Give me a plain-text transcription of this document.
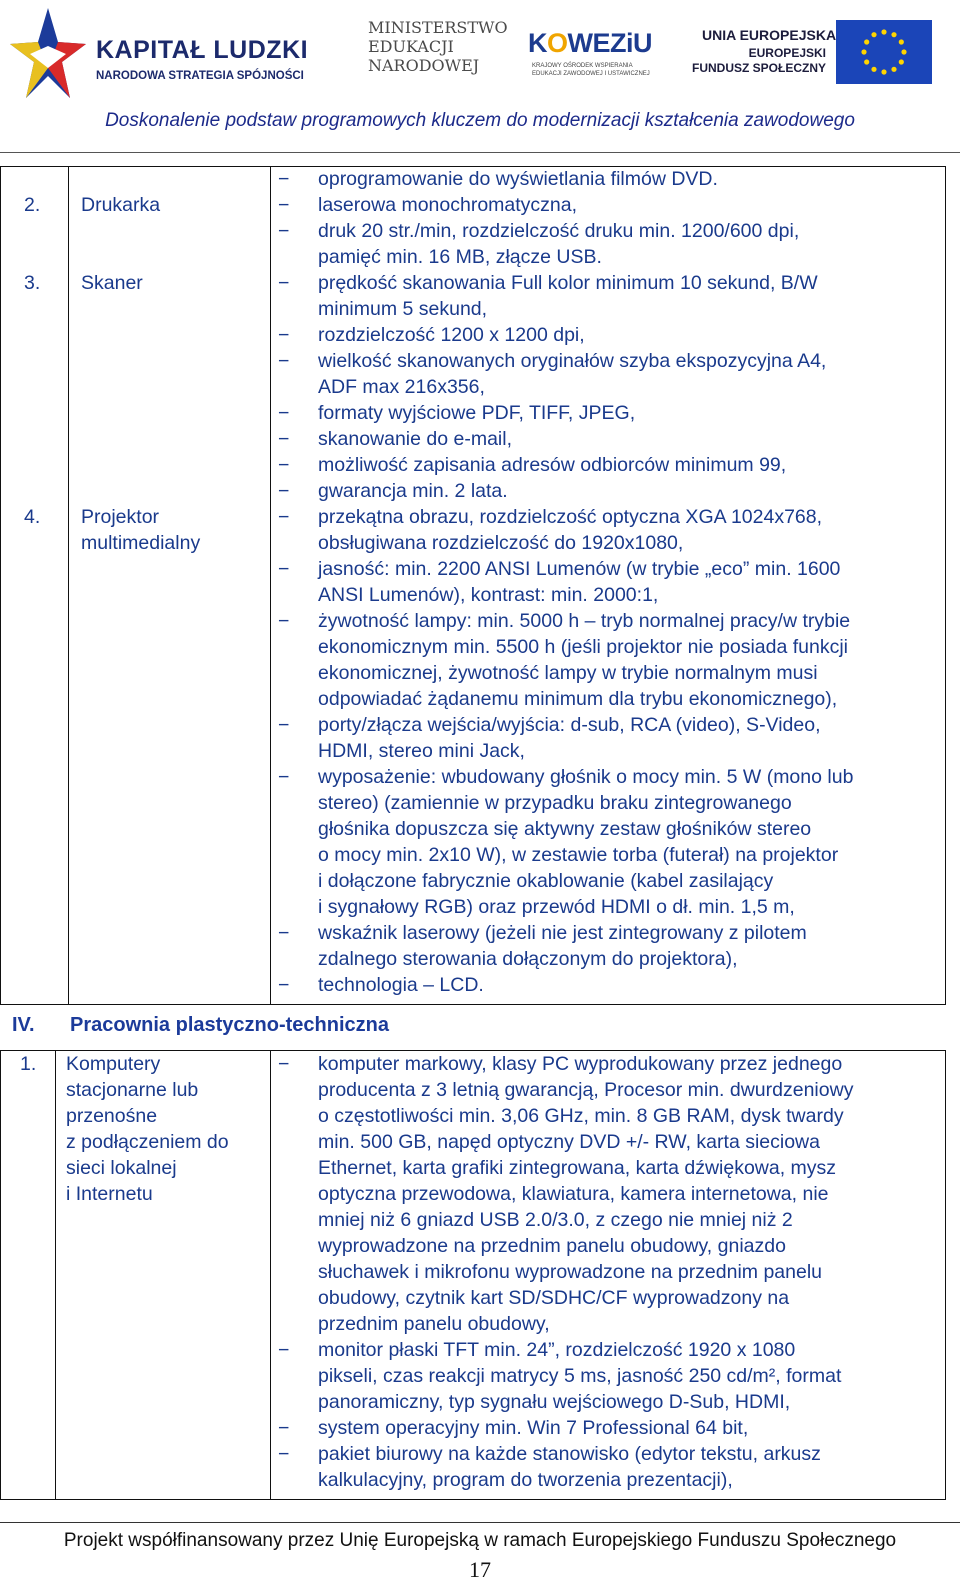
KAPITAŁ LUDZKI
NARODOWA STRATEGIA SPÓJNOŚCI
MINISTERSTWO
EDUKACJI
NARODOWEJ
KOWEZiU
KRAJOWY OŚRODEK WSPIERANIA
EDUKACJI ZAWODOWEJ I USTAWICZNEJ
UNIA EUROPEJSKA
EUROPEJSKI
FUNDUSZ SPOŁECZNY
Doskonalenie podstaw programowych kluczem do modernizacji kształcenia zawodowego
− oprogramowanie do wyświetlania filmów DVD.
2. Drukarka	− laserowa monochromatyczna,
− druk 20 str./min, rozdzielczość druku min. 1200/600 dpi,
pamięć min. 16 MB, złącze USB.
3. Skaner	− prędkość skanowania Full kolor minimum 10 sekund, B/W
minimum 5 sekund,
− rozdzielczość 1200 x 1200 dpi,
− wielkość skanowanych oryginałów szyba ekspozycyjna A4,
ADF max 216x356,
− formaty wyjściowe PDF, TIFF, JPEG,
− skanowanie do e-mail,
− możliwość zapisania adresów odbiorców minimum 99,
− gwarancja min. 2 lata.
4. Projektor
multimedialny
− przekątna obrazu, rozdzielczość optyczna XGA 1024x768,
obsługiwana rozdzielczość do 1920x1080,
− jasność: min. 2200 ANSI Lumenów (w trybie „eco” min. 1600
ANSI Lumenów), kontrast: min. 2000:1,
− żywotność lampy: min. 5000 h – tryb normalnej pracy/w trybie
ekonomicznym min. 5500 h (jeśli projektor nie posiada funkcji
ekonomicznej, żywotność lampy w trybie normalnym musi
odpowiadać żądanemu minimum dla trybu ekonomicznego),
− porty/złącza wejścia/wyjścia: d-sub, RCA (video), S-Video,
HDMI, stereo mini Jack,
− wyposażenie: wbudowany głośnik o mocy min. 5 W (mono lub
stereo) (zamiennie w przypadku braku zintegrowanego
głośnika dopuszcza się aktywny zestaw głośników stereo
o mocy min. 2x10 W), w zestawie torba (futerał) na projektor
i dołączone fabrycznie okablowanie (kabel zasilający
i sygnałowy RGB) oraz przewód HDMI o dł. min. 1,5 m,
− wskaźnik laserowy (jeżeli nie jest zintegrowany z pilotem
zdalnego sterowania dołączonym do projektora),
− technologia – LCD.
IV. Pracownia plastyczno-techniczna
1. Komputery
stacjonarne lub
przenośne
z podłączeniem do
sieci lokalnej
i Internetu
− komputer markowy, klasy PC wyprodukowany przez jednego
producenta z 3 letnią gwarancją, Procesor min. dwurdzeniowy
o częstotliwości min. 3,06 GHz, min. 8 GB RAM, dysk twardy
min. 500 GB, napęd optyczny DVD +/- RW, karta sieciowa
Ethernet, karta grafiki zintegrowana, karta dźwiękowa, mysz
optyczna przewodowa, klawiatura, kamera internetowa, nie
mniej niż 6 gniazd USB 2.0/3.0, z czego nie mniej niż 2
wyprowadzone na przednim panelu obudowy, gniazdo
słuchawek i mikrofonu wyprowadzone na przednim panelu
obudowy, czytnik kart SD/SDHC/CF wyprowadzony na
przednim panelu obudowy,
− monitor płaski TFT min. 24”, rozdzielczość 1920 x 1080
pikseli, czas reakcji matrycy 5 ms, jasność 250 cd/m², format
panoramiczny, typ sygnału wejściowego D-Sub, HDMI,
− system operacyjny min. Win 7 Professional 64 bit,
− pakiet biurowy na każde stanowisko (edytor tekstu, arkusz
kalkulacyjny, program do tworzenia prezentacji),
Projekt współfinansowany przez Unię Europejską w ramach Europejskiego Funduszu Społecznego
17
